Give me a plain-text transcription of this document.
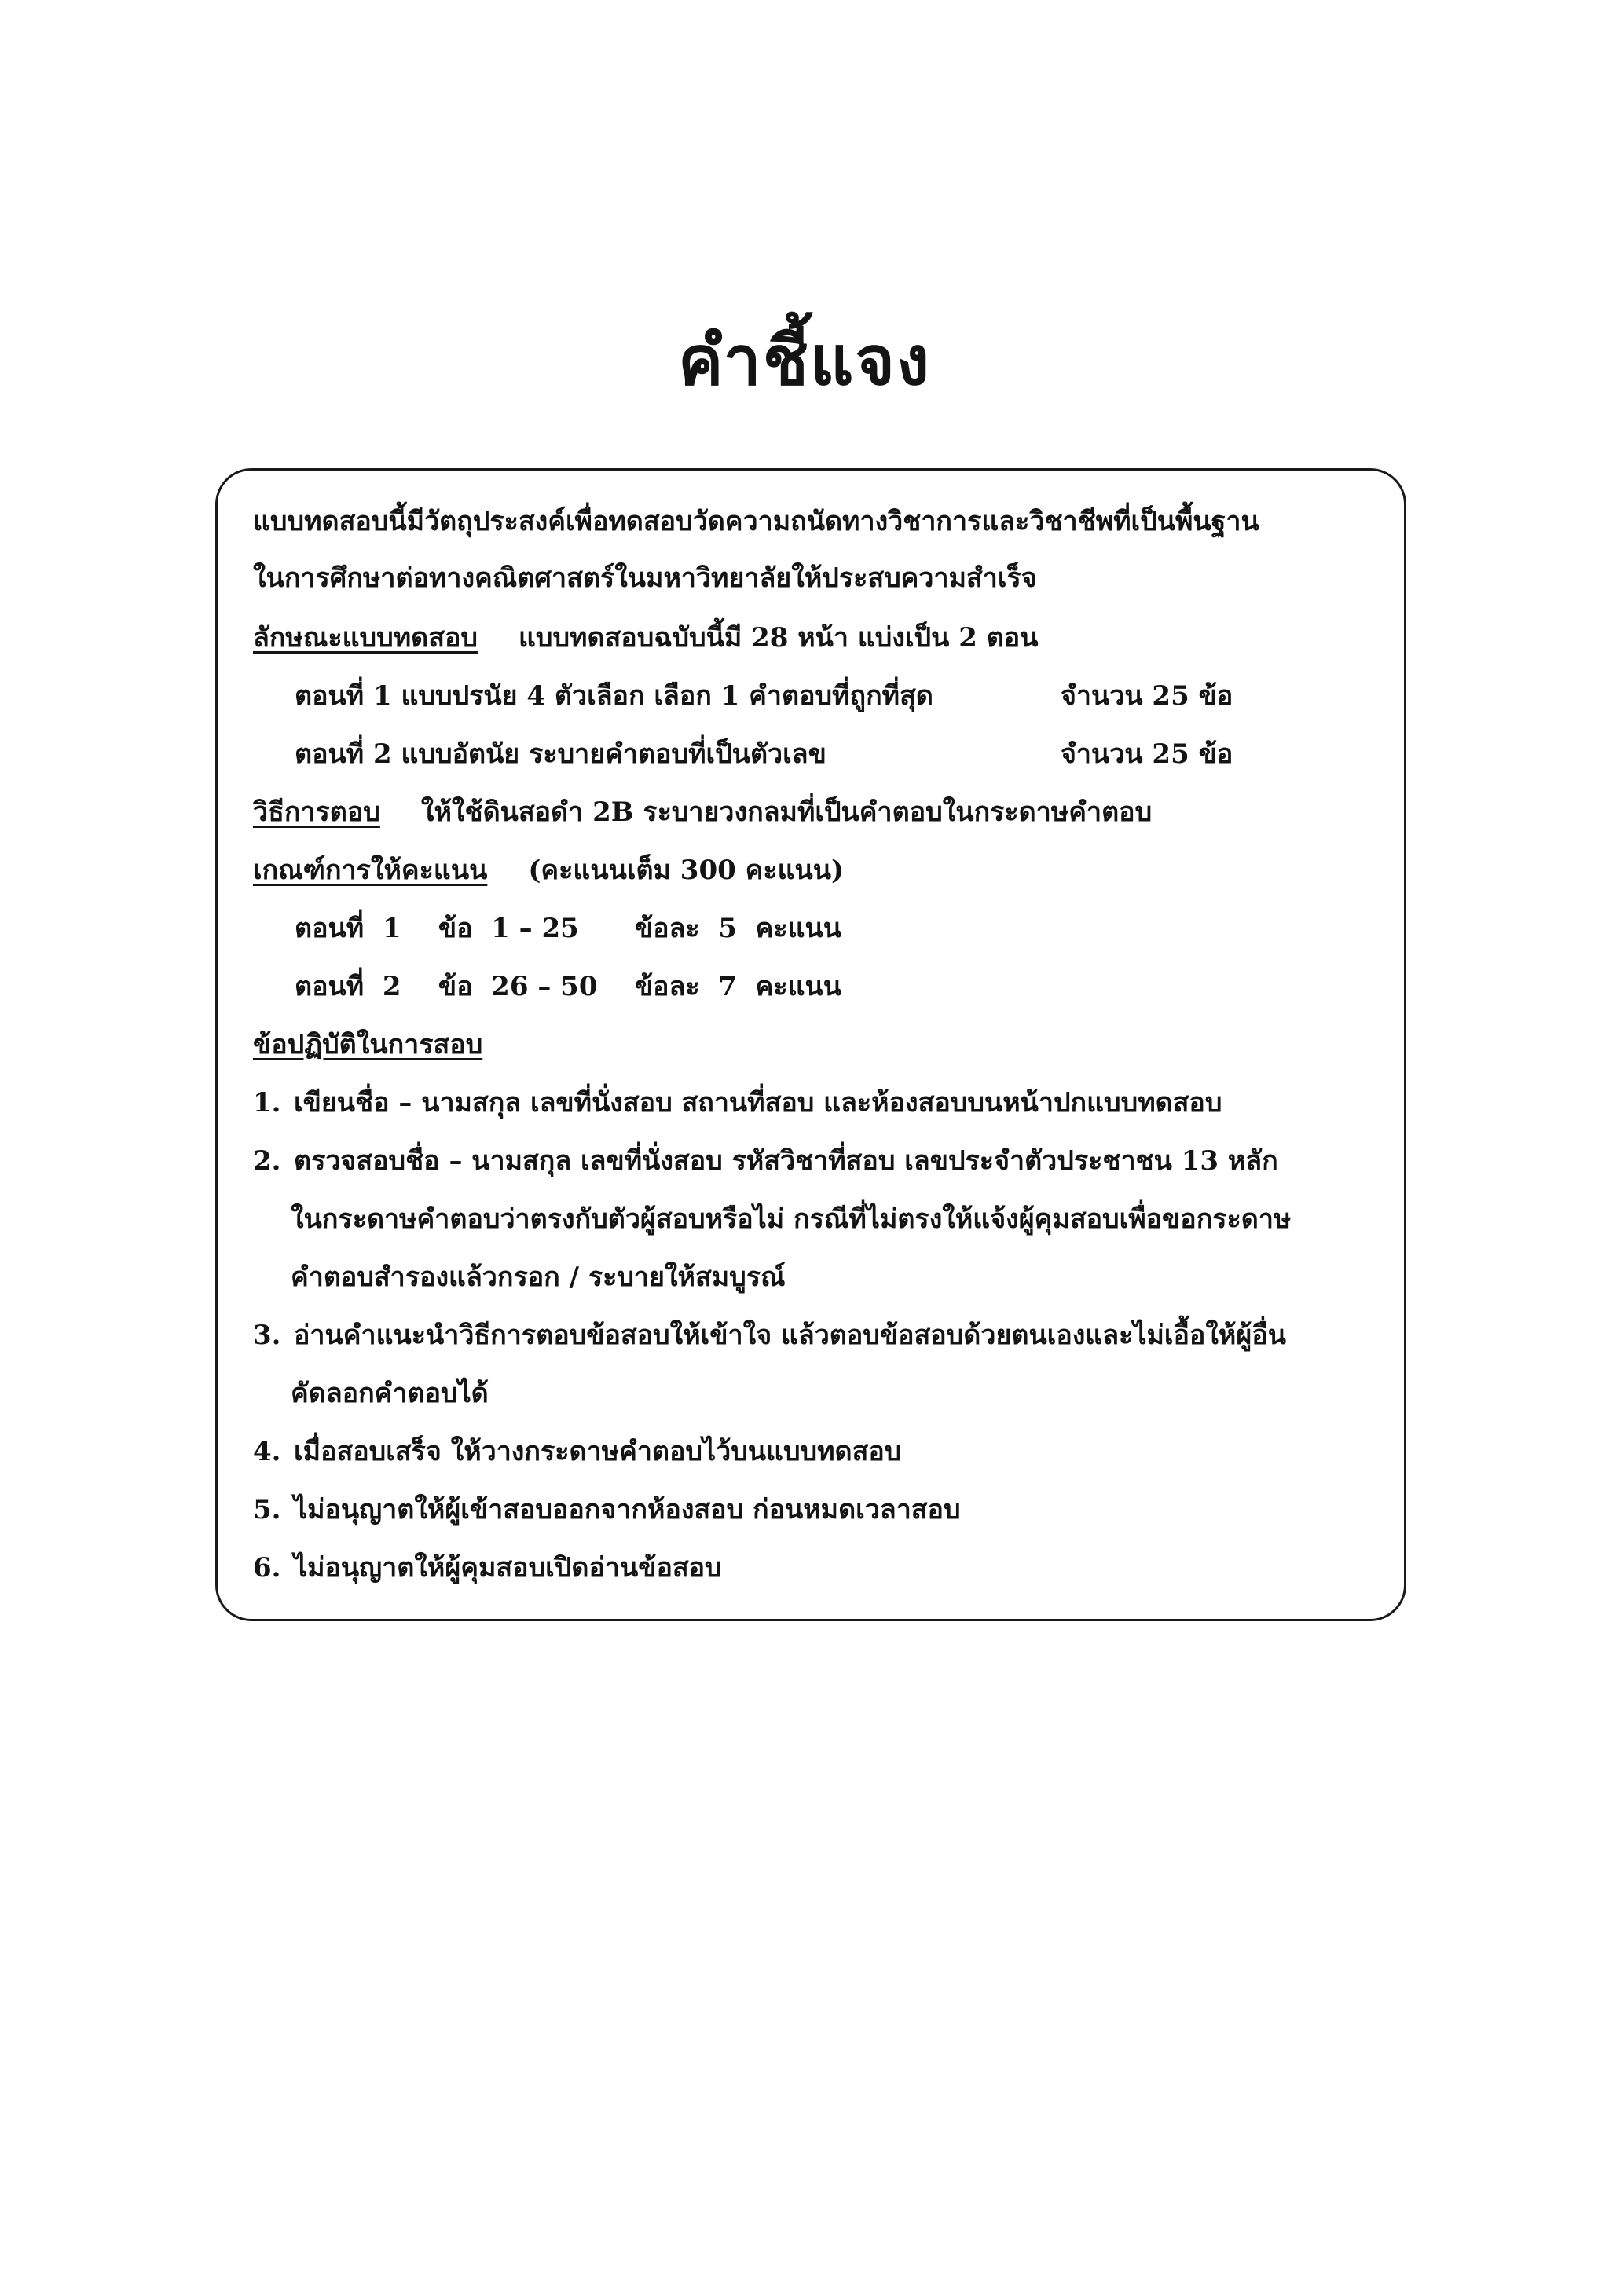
คำชี้แจง
แบบทดสอบนี้มีวัตถุประสงค์เพื่อทดสอบวัดความถนัดทางวิชาการและวิชาชีพที่เป็นพื้นฐาน
ในการศึกษาต่อทางคณิตศาสตร์ในมหาวิทยาลัยให้ประสบความสำเร็จ
ลักษณะแบบทดสอบ แบบทดสอบฉบับนี้มี 28 หน้า แบ่งเป็น 2 ตอน
ตอนที่ 1 แบบปรนัย 4 ตัวเลือก เลือก 1 คำตอบที่ถูกที่สุด	จำนวน 25 ข้อ
ตอนที่ 2 แบบอัตนัย ระบายคำตอบที่เป็นตัวเลข	จำนวน 25 ข้อ
วิธีการตอบ ให้ใช้ดินสอดำ 2B ระบายวงกลมที่เป็นคำตอบในกระดาษคำตอบ
เกณฑ์การให้คะแนน (คะแนนเต็ม 300 คะแนน)
ตอนที่  1    ข้อ  1 – 25      ข้อละ  5  คะแนน
ตอนที่  2    ข้อ  26 – 50    ข้อละ  7  คะแนน
ข้อปฏิบัติในการสอบ
1. เขียนชื่อ – นามสกุล เลขที่นั่งสอบ สถานที่สอบ และห้องสอบบนหน้าปกแบบทดสอบ
2. ตรวจสอบชื่อ – นามสกุล เลขที่นั่งสอบ รหัสวิชาที่สอบ เลขประจำตัวประชาชน 13 หลัก
ในกระดาษคำตอบว่าตรงกับตัวผู้สอบหรือไม่ กรณีที่ไม่ตรงให้แจ้งผู้คุมสอบเพื่อขอกระดาษ
คำตอบสำรองแล้วกรอก / ระบายให้สมบูรณ์
3. อ่านคำแนะนำวิธีการตอบข้อสอบให้เข้าใจ แล้วตอบข้อสอบด้วยตนเองและไม่เอื้อให้ผู้อื่น
คัดลอกคำตอบได้
4. เมื่อสอบเสร็จ ให้วางกระดาษคำตอบไว้บนแบบทดสอบ
5. ไม่อนุญาตให้ผู้เข้าสอบออกจากห้องสอบ ก่อนหมดเวลาสอบ
6. ไม่อนุญาตให้ผู้คุมสอบเปิดอ่านข้อสอบ
